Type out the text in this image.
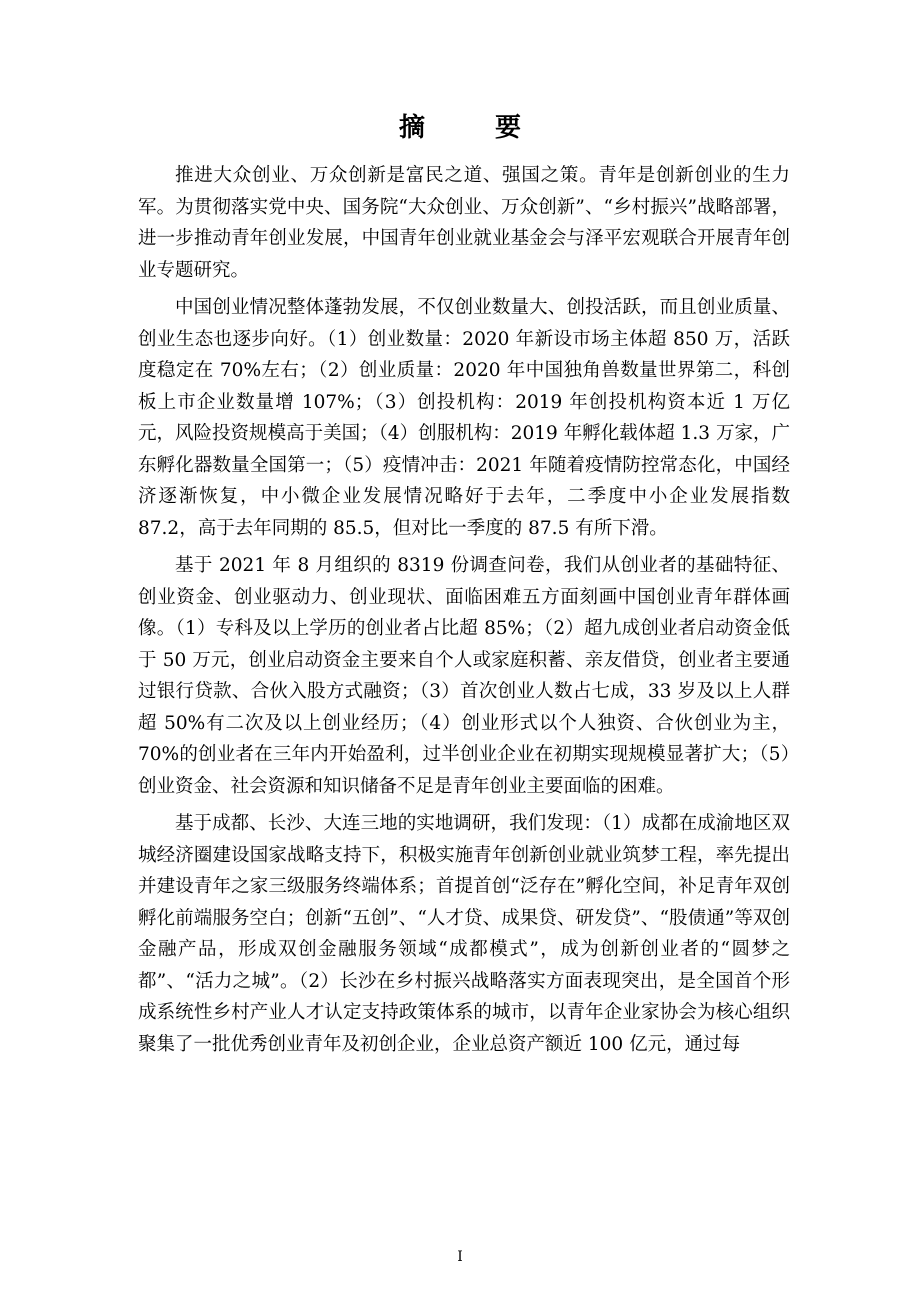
摘　要

推进大众创业、万众创新是富民之道、强国之策。青年是创新创业的生力军。为贯彻落实党中央、国务院“大众创业、万众创新”、“乡村振兴”战略部署，进一步推动青年创业发展，中国青年创业就业基金会与泽平宏观联合开展青年创业专题研究。

中国创业情况整体蓬勃发展，不仅创业数量大、创投活跃，而且创业质量、创业生态也逐步向好。（1）创业数量：2020 年新设市场主体超 850 万，活跃度稳定在 70%左右；（2）创业质量：2020 年中国独角兽数量世界第二，科创板上市企业数量增 107%；（3）创投机构：2019 年创投机构资本近 1 万亿元，风险投资规模高于美国；（4）创服机构：2019 年孵化载体超 1.3 万家，广东孵化器数量全国第一；（5）疫情冲击：2021 年随着疫情防控常态化，中国经济逐渐恢复，中小微企业发展情况略好于去年，二季度中小企业发展指数 87.2，高于去年同期的 85.5，但对比一季度的 87.5 有所下滑。

基于 2021 年 8 月组织的 8319 份调查问卷，我们从创业者的基础特征、创业资金、创业驱动力、创业现状、面临困难五方面刻画中国创业青年群体画像。（1）专科及以上学历的创业者占比超 85%；（2）超九成创业者启动资金低于 50 万元，创业启动资金主要来自个人或家庭积蓄、亲友借贷，创业者主要通过银行贷款、合伙入股方式融资；（3）首次创业人数占七成，33 岁及以上人群超 50%有二次及以上创业经历；（4）创业形式以个人独资、合伙创业为主，70%的创业者在三年内开始盈利，过半创业企业在初期实现规模显著扩大；（5）创业资金、社会资源和知识储备不足是青年创业主要面临的困难。

基于成都、长沙、大连三地的实地调研，我们发现：（1）成都在成渝地区双城经济圈建设国家战略支持下，积极实施青年创新创业就业筑梦工程，率先提出并建设青年之家三级服务终端体系；首提首创“泛存在”孵化空间，补足青年双创孵化前端服务空白；创新“五创”、“人才贷、成果贷、研发贷”、“股债通”等双创金融产品，形成双创金融服务领域“成都模式”，成为创新创业者的“圆梦之都”、“活力之城”。（2）长沙在乡村振兴战略落实方面表现突出，是全国首个形成系统性乡村产业人才认定支持政策体系的城市，以青年企业家协会为核心组织聚集了一批优秀创业青年及初创企业，企业总资产额近 100 亿元，通过每

I
